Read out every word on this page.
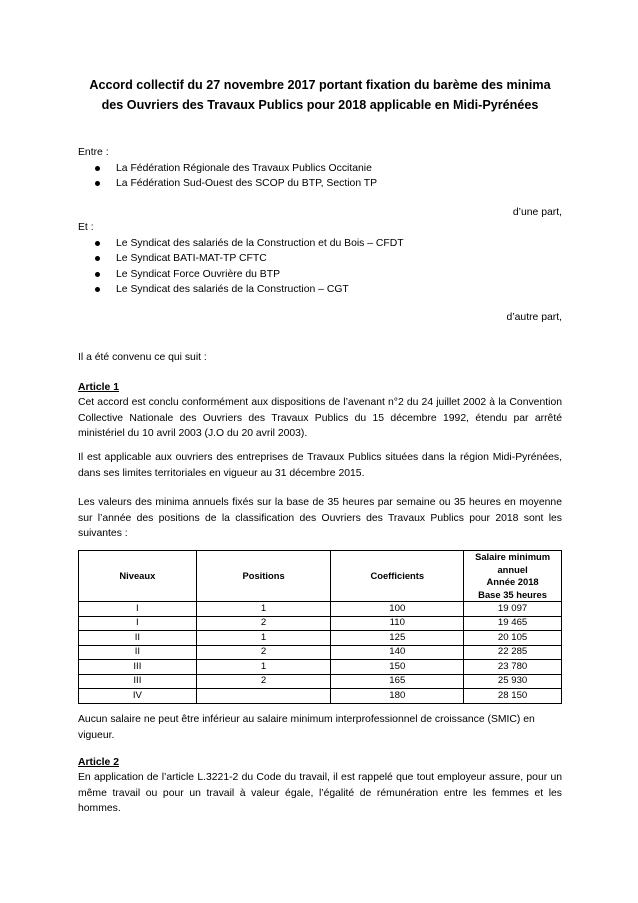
Accord collectif du 27 novembre 2017 portant fixation du barème des minima
des Ouvriers des Travaux Publics pour 2018 applicable en Midi-Pyrénées
Entre :
La Fédération Régionale des Travaux Publics Occitanie
La Fédération Sud-Ouest des SCOP du BTP, Section TP
d’une part,
Et :
Le Syndicat des salariés de la Construction et du Bois – CFDT
Le Syndicat BATI-MAT-TP CFTC
Le Syndicat Force Ouvrière du BTP
Le Syndicat des salariés de la Construction – CGT
d’autre part,
Il a été convenu ce qui suit :
Article 1
Cet accord est conclu conformément aux dispositions de l’avenant n°2 du 24 juillet 2002 à la Convention Collective Nationale des Ouvriers des Travaux Publics du 15 décembre 1992, étendu par arrêté ministériel du 10 avril 2003 (J.O du 20 avril 2003).
Il est applicable aux ouvriers des entreprises de Travaux Publics situées dans la région Midi-Pyrénées, dans ses limites territoriales en vigueur au 31 décembre 2015.
Les valeurs des minima annuels fixés sur la base de 35 heures par semaine ou 35 heures en moyenne sur l’année des positions de la classification des Ouvriers des Travaux Publics pour 2018 sont les suivantes :
Niveaux	Positions	Coefficients	Salaire minimum
annuel
Année 2018
Base 35 heures

I	1	100	19 097
I	2	110	19 465
II	1	125	20 105
II	2	140	22 285
III	1	150	23 780
III	2	165	25 930
IV		180	28 150
Aucun salaire ne peut être inférieur au salaire minimum interprofessionnel de croissance (SMIC) en vigueur.
Article 2
En application de l’article L.3221-2 du Code du travail, il est rappelé que tout employeur assure, pour un même travail ou pour un travail à valeur égale, l’égalité de rémunération entre les femmes et les hommes.
